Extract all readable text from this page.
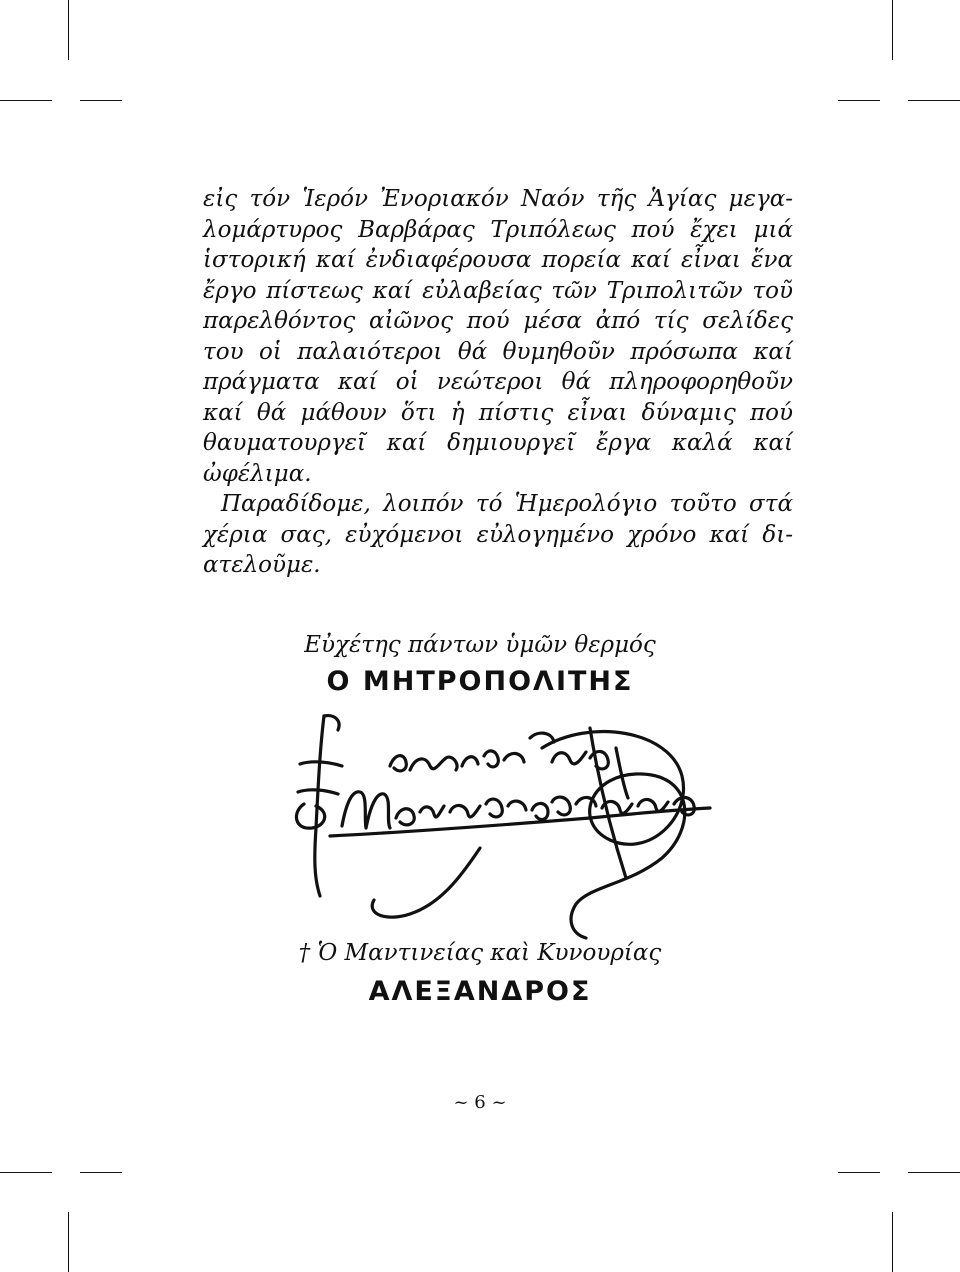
εἰς τόν Ἱερόν Ἐνοριακόν Ναόν τῆς Ἁγίας μεγα-
λομάρτυρος Βαρβάρας Τριπόλεως πού ἔχει μιά
ἱστορική καί ἐνδιαφέρουσα πορεία καί εἶναι ἕνα
ἔργο πίστεως καί εὐλαβείας τῶν Τριπολιτῶν τοῦ
παρελθόντος αἰῶνος πού μέσα ἀπό τίς σελίδες
του οἱ παλαιότεροι θά θυμηθοῦν πρόσωπα καί
πράγματα καί οἱ νεώτεροι θά πληροφορηθοῦν
καί θά μάθουν ὅτι ἡ πίστις εἶναι δύναμις πού
θαυματουργεῖ καί δημιουργεῖ ἔργα καλά καί
ὠφέλιμα.
Παραδίδομε, λοιπόν τό Ἡμερολόγιο τοῦτο στά
χέρια σας, εὐχόμενοι εὐλογημένο χρόνο καί δι-
ατελοῦμε.
Εὐχέτης πάντων ὑμῶν θερμός
Ο ΜΗΤΡΟΠΟΛΙΤΗΣ
† Ὁ Μαντινείας καὶ Κυνουρίας
ΑΛΕΞΑΝΔΡΟΣ
~ 6 ~
